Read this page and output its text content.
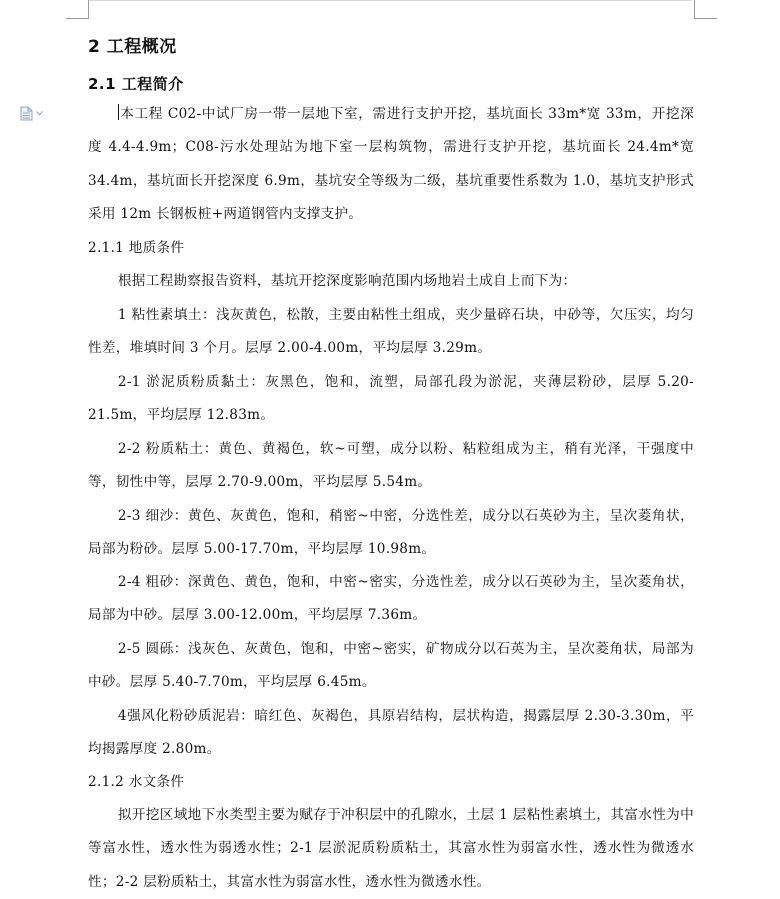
2 工程概况
2.1 工程简介
本工程 C02-中试厂房一带一层地下室，需进行支护开挖，基坑面长 33m*宽 33m，开挖深度 4.4-4.9m；C08-污水处理站为地下室一层构筑物，需进行支护开挖，基坑面长 24.4m*宽 34.4m，基坑面长开挖深度 6.9m，基坑安全等级为二级，基坑重要性系数为 1.0，基坑支护形式采用 12m 长钢板桩+两道钢管内支撑支护。
2.1.1 地质条件
根据工程勘察报告资料，基坑开挖深度影响范围内场地岩土成自上而下为：
1 粘性素填土：浅灰黄色，松散，主要由粘性土组成，夹少量碎石块，中砂等，欠压实，均匀性差，堆填时间 3 个月。层厚 2.00-4.00m，平均层厚 3.29m。
2-1 淤泥质粉质黏土：灰黑色，饱和，流塑，局部孔段为淤泥，夹薄层粉砂，层厚 5.20-21.5m，平均层厚 12.83m。
2-2 粉质粘土：黄色、黄褐色，软~可塑，成分以粉、粘粒组成为主，稍有光泽，干强度中等，韧性中等，层厚 2.70-9.00m，平均层厚 5.54m。
2-3 细沙：黄色、灰黄色，饱和，稍密~中密，分选性差，成分以石英砂为主，呈次菱角状，局部为粉砂。层厚 5.00-17.70m，平均层厚 10.98m。
2-4 粗砂：深黄色、黄色，饱和，中密~密实，分选性差，成分以石英砂为主，呈次菱角状，局部为中砂。层厚 3.00-12.00m，平均层厚 7.36m。
2-5 圆砾：浅灰色、灰黄色，饱和，中密~密实，矿物成分以石英为主，呈次菱角状，局部为中砂。层厚 5.40-7.70m，平均层厚 6.45m。
4强风化粉砂质泥岩：暗红色、灰褐色，具原岩结构，层状构造，揭露层厚 2.30-3.30m，平均揭露厚度 2.80m。
2.1.2 水文条件
拟开挖区域地下水类型主要为赋存于冲积层中的孔隙水，土层 1 层粘性素填土，其富水性为中等富水性，透水性为弱透水性；2-1 层淤泥质粉质粘土，其富水性为弱富水性，透水性为微透水性；2-2 层粉质粘土，其富水性为弱富水性，透水性为微透水性。
